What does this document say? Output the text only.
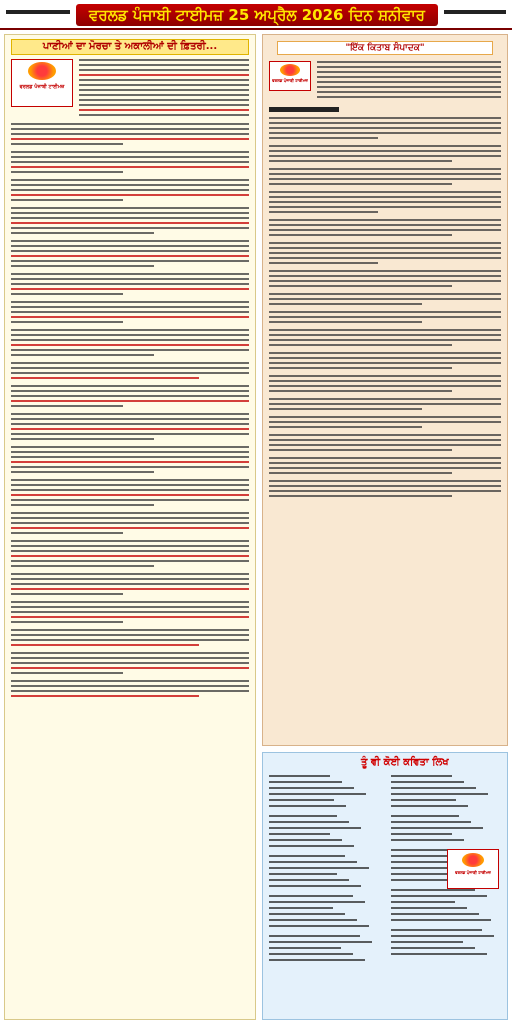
ਵਰਲਡ ਪੰਜਾਬੀ ਟਾਈਮਜ਼ 25 ਅਪ੍ਰੈਲ 2026 ਦਿਨ ਸ਼ਨੀਵਾਰ
ਪਾਣੀਆਂ ਦਾ ਮੋਰਚਾ ਤੇ ਅਕਾਲੀਆਂ ਦੀ ਫ਼ਿਤਰੀ...
ਵਰਲਡ ਪੰਜਾਬੀ ਟਾਈਮਜ਼
"ਇੱਕ ਕਿਤਾਬ ਸੰਪਾਦਕ"
ਵਰਲਡ ਪੰਜਾਬੀ ਟਾਈਮਜ਼
ਤੂੰ ਵੀ ਕੋਈ ਕਵਿਤਾ ਲਿਖ
ਵਰਲਡ ਪੰਜਾਬੀ ਟਾਈਮਜ਼
